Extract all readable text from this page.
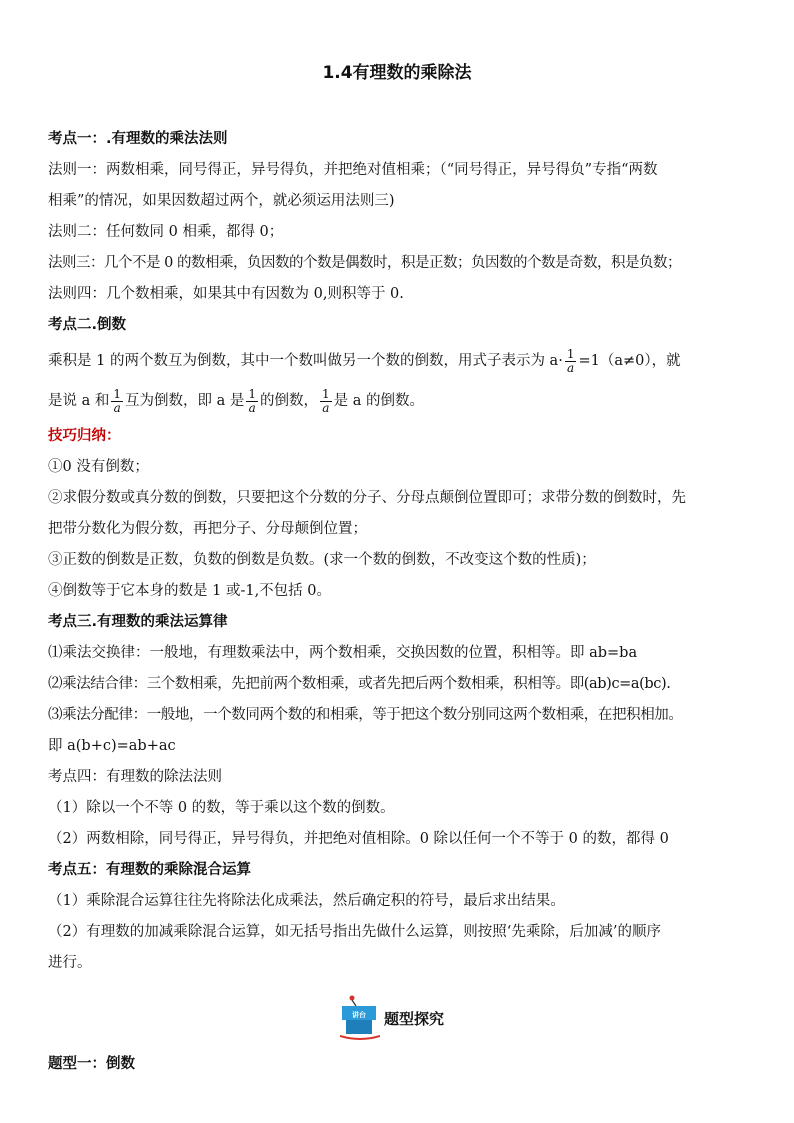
1.4有理数的乘除法

考点一：.有理数的乘法法则

法则一：两数相乘，同号得正，异号得负，并把绝对值相乘；（“同号得正，异号得负”专指“两数

相乘”的情况，如果因数超过两个，就必须运用法则三)

法则二：任何数同 0 相乘，都得 0；

法则三：几个不是 0 的数相乘，负因数的个数是偶数时，积是正数；负因数的个数是奇数，积是负数；

法则四：几个数相乘，如果其中有因数为 0,则积等于 0.

考点二.倒数

乘积是 1 的两个数互为倒数，其中一个数叫做另一个数的倒数，用式子表示为 $a\cdot \frac{1}{a} =1(a\ne 0)$，就

是说 a 和 $\frac{1}{a}$ 互为倒数，即 a 是 $\frac{1}{a}$ 的倒数， $\frac{1}{a}$ 是 a 的倒数。

技巧归纳：

①0 没有倒数；

②求假分数或真分数的倒数，只要把这个分数的分子、分母点颠倒位置即可；求带分数的倒数时，先

把带分数化为假分数，再把分子、分母颠倒位置；

③正数的倒数是正数，负数的倒数是负数。(求一个数的倒数，不改变这个数的性质)；

④倒数等于它本身的数是 1 或-1,不包括 0。

考点三.有理数的乘法运算律

⑴乘法交换律：一般地，有理数乘法中，两个数相乘，交换因数的位置，积相等。即 ab=ba

⑵乘法结合律：三个数相乘，先把前两个数相乘，或者先把后两个数相乘，积相等。即(ab)c=a(bc).

⑶乘法分配律：一般地，一个数同两个数的和相乘，等于把这个数分别同这两个数相乘，在把积相加。

即 a(b+c)=ab+ac

考点四：有理数的除法法则

（1）除以一个不等 0 的数，等于乘以这个数的倒数。

（2）两数相除，同号得正，异号得负，并把绝对值相除。0 除以任何一个不等于 0 的数，都得 0

考点五：有理数的乘除混合运算

（1）乘除混合运算往往先将除法化成乘法，然后确定积的符号，最后求出结果。

（2）有理数的加减乘除混合运算，如无括号指出先做什么运算，则按照‘先乘除，后加减’的顺序

进行。

讲台 题型探究
题型一：倒数
